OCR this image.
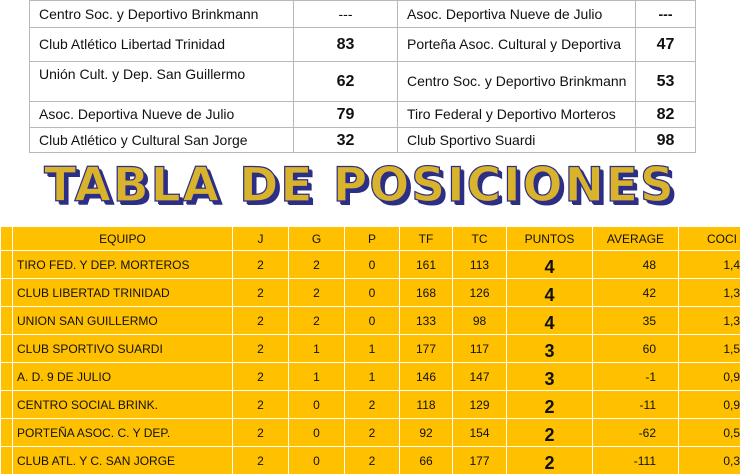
Centro Soc. y Deportivo Brinkmann	---	Asoc. Deportiva Nueve de Julio	---
Club Atlético Libertad Trinidad	83	Porteña Asoc. Cultural y Deportiva	47
Unión Cult. y Dep. San Guillermo	62	Centro Soc. y Deportivo Brinkmann	53
Asoc. Deportiva Nueve de Julio	79	Tiro Federal y Deportivo Morteros	82
Club Atlético y Cultural San Jorge	32	Club Sportivo Suardi	98
TABLA DE POSICIONES
	EQUIPO	J	G	P	TF	TC	PUNTOS	AVERAGE	COCI
	TIRO FED. Y DEP. MORTEROS	2	2	0	161	113	4	48	1,4
	CLUB LIBERTAD TRINIDAD	2	2	0	168	126	4	42	1,3
	UNION SAN GUILLERMO	2	2	0	133	98	4	35	1,3
	CLUB SPORTIVO SUARDI	2	1	1	177	117	3	60	1,5
	A. D. 9 DE JULIO	2	1	1	146	147	3	-1	0,9
	CENTRO SOCIAL BRINK.	2	0	2	118	129	2	-11	0,9
	PORTEÑA ASOC. C. Y DEP.	2	0	2	92	154	2	-62	0,5
	CLUB ATL. Y C. SAN JORGE	2	0	2	66	177	2	-111	0,3
